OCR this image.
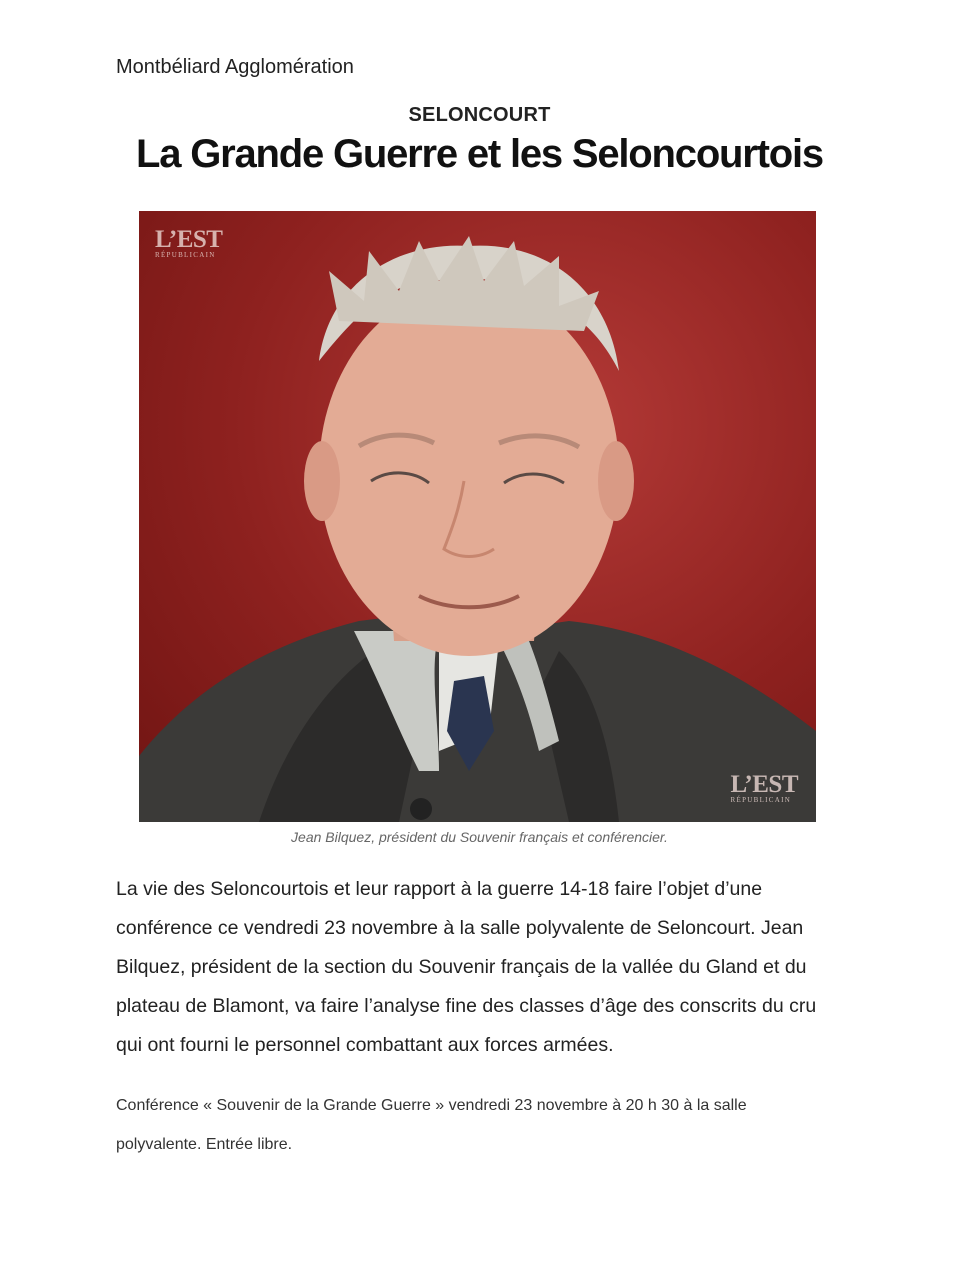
Montbéliard Agglomération
SELONCOURT
La Grande Guerre et les Seloncourtois
L’EST
RÉPUBLICAIN
L’EST
RÉPUBLICAIN
Jean Bilquez, président du Souvenir français et conférencier.

La vie des Seloncourtois et leur rapport à la guerre 14-18 faire l’objet d’une conférence ce vendredi 23 novembre à la salle polyvalente de Seloncourt. Jean Bilquez, président de la section du Souvenir français de la vallée du Gland et du plateau de Blamont, va faire l’analyse fine des classes d’âge des conscrits du cru qui ont fourni le personnel combattant aux forces armées.

Conférence « Souvenir de la Grande Guerre » vendredi 23 novembre à 20 h 30 à la salle polyvalente. Entrée libre.
